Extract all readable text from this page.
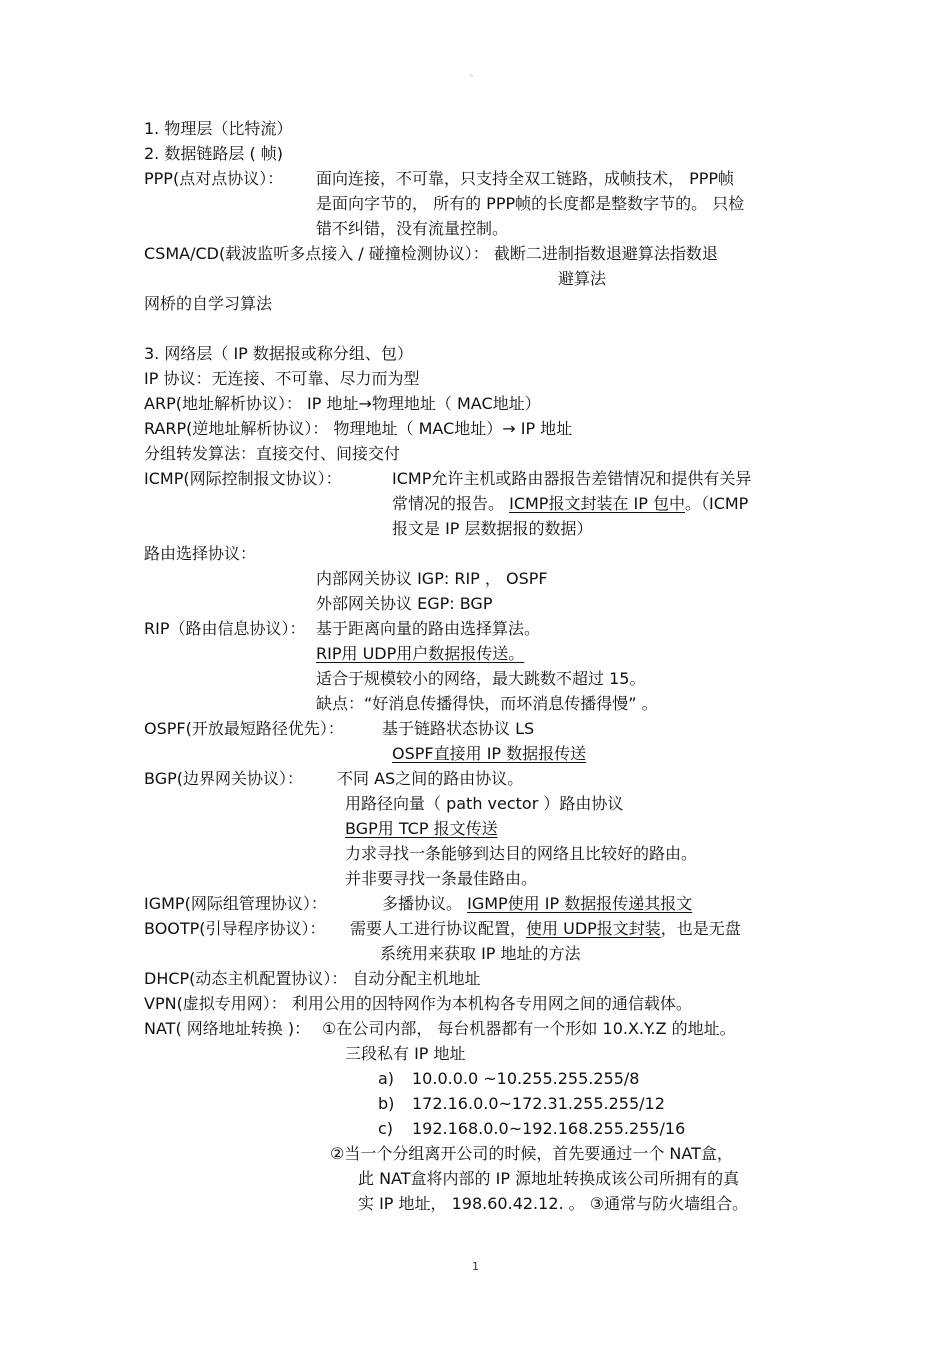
。
1. 物理层（比特流）
2. 数据链路层 ( 帧)
PPP(点对点协议）： 面向连接，不可靠，只支持全双工链路，成帧技术， PPP帧
是面向字节的， 所有的 PPP帧的长度都是整数字节的。 只检
错不纠错，没有流量控制。
CSMA/CD(载波监听多点接入 / 碰撞检测协议）： 截断二进制指数退避算法指数退
避算法
网桥的自学习算法
3. 网络层（ IP 数据报或称分组、包）
IP 协议：无连接、不可靠、尽力而为型
ARP(地址解析协议）： IP 地址→物理地址（ MAC地址）
RARP(逆地址解析协议）： 物理地址（ MAC地址）→ IP 地址
分组转发算法：直接交付、间接交付
ICMP(网际控制报文协议）：	ICMP允许主机或路由器报告差错情况和提供有关异
常情况的报告。 ICMP报文封装在 IP 包中。（ICMP
报文是 IP 层数据报的数据）
路由选择协议：
内部网关协议 IGP: RIP ， OSPF
外部网关协议 EGP: BGP
RIP（路由信息协议）： 基于距离向量的路由选择算法。
RIP用 UDP用户数据报传送。
适合于规模较小的网络，最大跳数不超过 15。
缺点：“好消息传播得快，而坏消息传播得慢” 。
OSPF(开放最短路径优先）： 基于链路状态协议 LS
OSPF直接用 IP 数据报传送
BGP(边界网关协议）： 不同 AS之间的路由协议。
用路径向量（ path vector ）路由协议
BGP用 TCP 报文传送
力求寻找一条能够到达目的网络且比较好的路由。
并非要寻找一条最佳路由。
IGMP(网际组管理协议）：	多播协议。 IGMP使用 IP 数据报传递其报文
BOOTP(引导程序协议）： 需要人工进行协议配置，使用 UDP报文封装，也是无盘
系统用来获取 IP 地址的方法
DHCP(动态主机配置协议）： 自动分配主机地址
VPN(虚拟专用网）： 利用公用的因特网作为本机构各专用网之间的通信载体。
NAT( 网络地址转换 )： ①在公司内部， 每台机器都有一个形如 10.X.Y.Z 的地址。
三段私有 IP 地址
a) 10.0.0.0 ~10.255.255.255/8
b) 172.16.0.0~172.31.255.255/12
c) 192.168.0.0~192.168.255.255/16
②当一个分组离开公司的时候，首先要通过一个 NAT盒，
此 NAT盒将内部的 IP 源地址转换成该公司所拥有的真
实 IP 地址， 198.60.42.12. 。 ③通常与防火墙组合。
1
